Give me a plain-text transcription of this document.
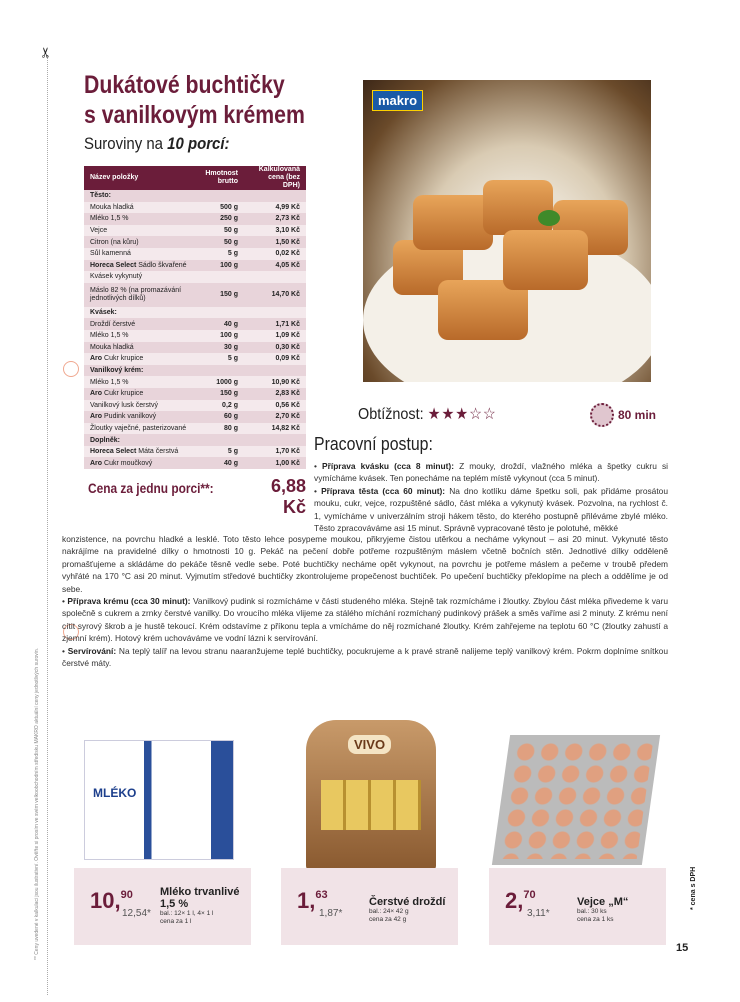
✂
** Ceny uvedené v kalkulaci jsou ilustrativní. Ověřte si prosím ve svém velkoobchodním středisku MAKRO aktuální ceny jednotlivých surovin.
Dukátové buchtičky
s vanilkovým krémem
Suroviny na 10 porcí:
Název položky	Hmotnost brutto	Kalkulovaná cena (bez DPH)
Těsto:		
Mouka hladká	500 g	4,99 Kč
Mléko 1,5 %	250 g	2,73 Kč
Vejce	50 g	3,10 Kč
Citron (na kůru)	50 g	1,50 Kč
Sůl kamenná	5 g	0,02 Kč
Horeca Select Sádlo škvařené	100 g	4,05 Kč
Kvásek vykynutý		
Máslo 82 % (na promazávání jednotlivých dílků)	150 g	14,70 Kč
Kvásek:		
Droždí čerstvé	40 g	1,71 Kč
Mléko 1,5 %	100 g	1,09 Kč
Mouka hladká	30 g	0,30 Kč
Aro Cukr krupice	5 g	0,09 Kč
Vanilkový krém:		
Mléko 1,5 %	1000 g	10,90 Kč
Aro Cukr krupice	150 g	2,83 Kč
Vanilkový lusk čerstvý	0,2 g	0,56 Kč
Aro Pudink vanilkový	60 g	2,70 Kč
Žloutky vaječné, pasterizované	80 g	14,82 Kč
Doplněk:		
Horeca Select Máta čerstvá	5 g	1,70 Kč
Aro Cukr moučkový	40 g	1,00 Kč
Cena za jednu porci**:	6,88 Kč
makro
Obtížnost: ★★★☆☆	80 min
Pracovní postup:
• Příprava kvásku (cca 8 minut): Z mouky, droždí, vlažného mléka a špetky cukru si vymícháme kvásek. Ten ponecháme na teplém místě vykynout (cca 5 minut).
• Příprava těsta (cca 60 minut): Na dno kotlíku dáme špetku soli, pak přidáme prosátou mouku, cukr, vejce, rozpuštěné sádlo, část mléka a vykynutý kvásek. Pozvolna, na rychlost č. 1, vymícháme v univerzálním stroji hákem těsto, do kterého postupně přiléváme zbylé mléko. Těsto zpracováváme asi 15 minut. Správně vypracované těsto je polotuhé, měkké
konzistence, na povrchu hladké a lesklé. Toto těsto lehce posypeme moukou, přikryjeme čistou utěrkou a necháme vykynout – asi 20 minut. Vykynuté těsto nakrájíme na pravidelné dílky o hmotnosti 10 g. Pekáč na pečení dobře potřeme rozpuštěným máslem včetně bočních stěn. Jednotlivé dílky odděleně promašťujeme a skládáme do pekáče těsně vedle sebe. Poté buchtičky necháme opět vykynout, na povrchu je potřeme máslem a pečeme v troubě předem vyhřáté na 170 °C asi 20 minut. Vyjmutím středové buchtičky zkontrolujeme propečenost buchtiček. Po upečení buchtičky překlopíme na plech a oddělíme je od sebe.
• Příprava krému (cca 30 minut): Vanilkový pudink si rozmícháme v části studeného mléka. Stejně tak rozmícháme i žloutky. Zbylou část mléka přivedeme k varu společně s cukrem a zrnky čerstvé vanilky. Do vroucího mléka vlijeme za stálého míchání rozmíchaný pudinkový prášek a směs vaříme asi 2 minuty. Z krému není cítit syrový škrob a je hustě tekoucí. Krém odstavíme z příkonu tepla a vmícháme do něj rozmíchané žloutky. Krém zahřejeme na teplotu 60 °C (žloutky zahustí a zjemní krém). Hotový krém uchováváme ve vodní lázni k servírování.
• Servírování: Na teplý talíř na levou stranu naaranžujeme teplé buchtičky, pocukrujeme a k pravé straně nalijeme teplý vanilkový krém. Pokrm doplníme snítkou čerstvé máty.
MLÉKO
10,90
12,54*
Mléko trvanlivé 1,5 %
bal.: 12× 1 l, 4× 1 l
cena za 1 l
VIVO
1,63
1,87*
Čerstvé droždí
bal.: 24× 42 g
cena za 42 g
2,70
3,11*
Vejce „M“
bal.: 30 ks
cena za 1 ks
* cena s DPH
15
